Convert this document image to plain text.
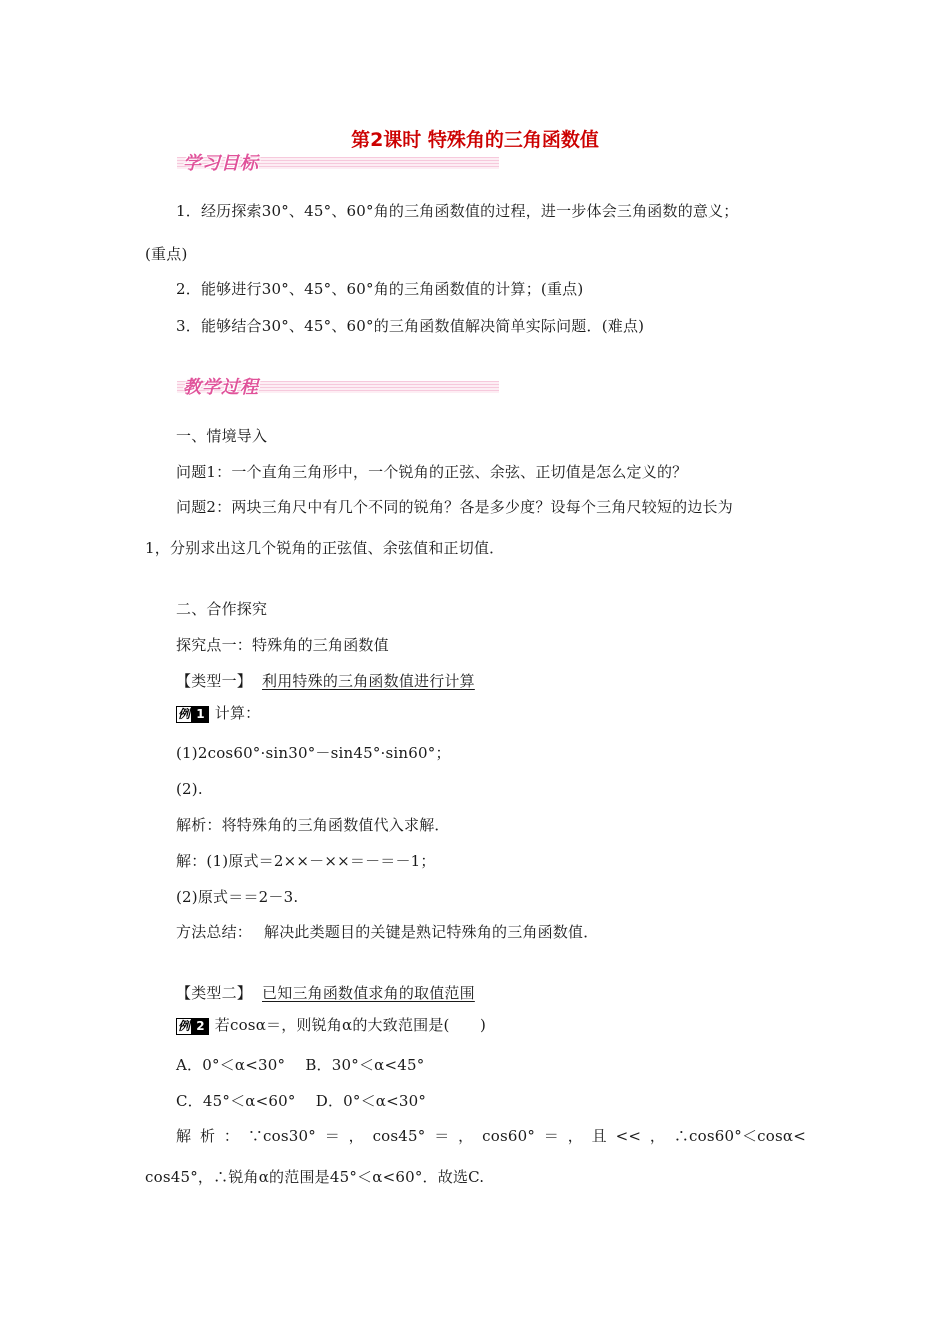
第2课时 特殊角的三角函数值
学习目标
1．经历探索30°、45°、60°角的三角函数值的过程，进一步体会三角函数的意义；
(重点)
2．能够进行30°、45°、60°角的三角函数值的计算；(重点)
3．能够结合30°、45°、60°的三角函数值解决简单实际问题．(难点)
教学过程
一、情境导入
问题1：一个直角三角形中，一个锐角的正弦、余弦、正切值是怎么定义的？
问题2：两块三角尺中有几个不同的锐角？各是多少度？设每个三角尺较短的边长为
1，分别求出这几个锐角的正弦值、余弦值和正切值．
二、合作探究
探究点一：特殊角的三角函数值
【类型一】 利用特殊的三角函数值进行计算
例 1 计算：
(1)2cos60°·sin30°－sin45°·sin60°；
(2).
解析：将特殊角的三角函数值代入求解．
解：(1)原式＝2××－××＝－＝－1；
(2)原式＝＝2－3.
方法总结： 解决此类题目的关键是熟记特殊角的三角函数值．
【类型二】 已知三角函数值求角的取值范围
例 2 若cosα＝，则锐角α的大致范围是(　　)
A．0°＜α<30°　 B．30°＜α<45°
C．45°＜α<60°　 D．0°＜α<30°
解析：∵cos30°＝，cos45°＝，cos60°＝，且<<，∴cos60°＜cosα<
cos45°，∴锐角α的范围是45°＜α<60°．故选C.
